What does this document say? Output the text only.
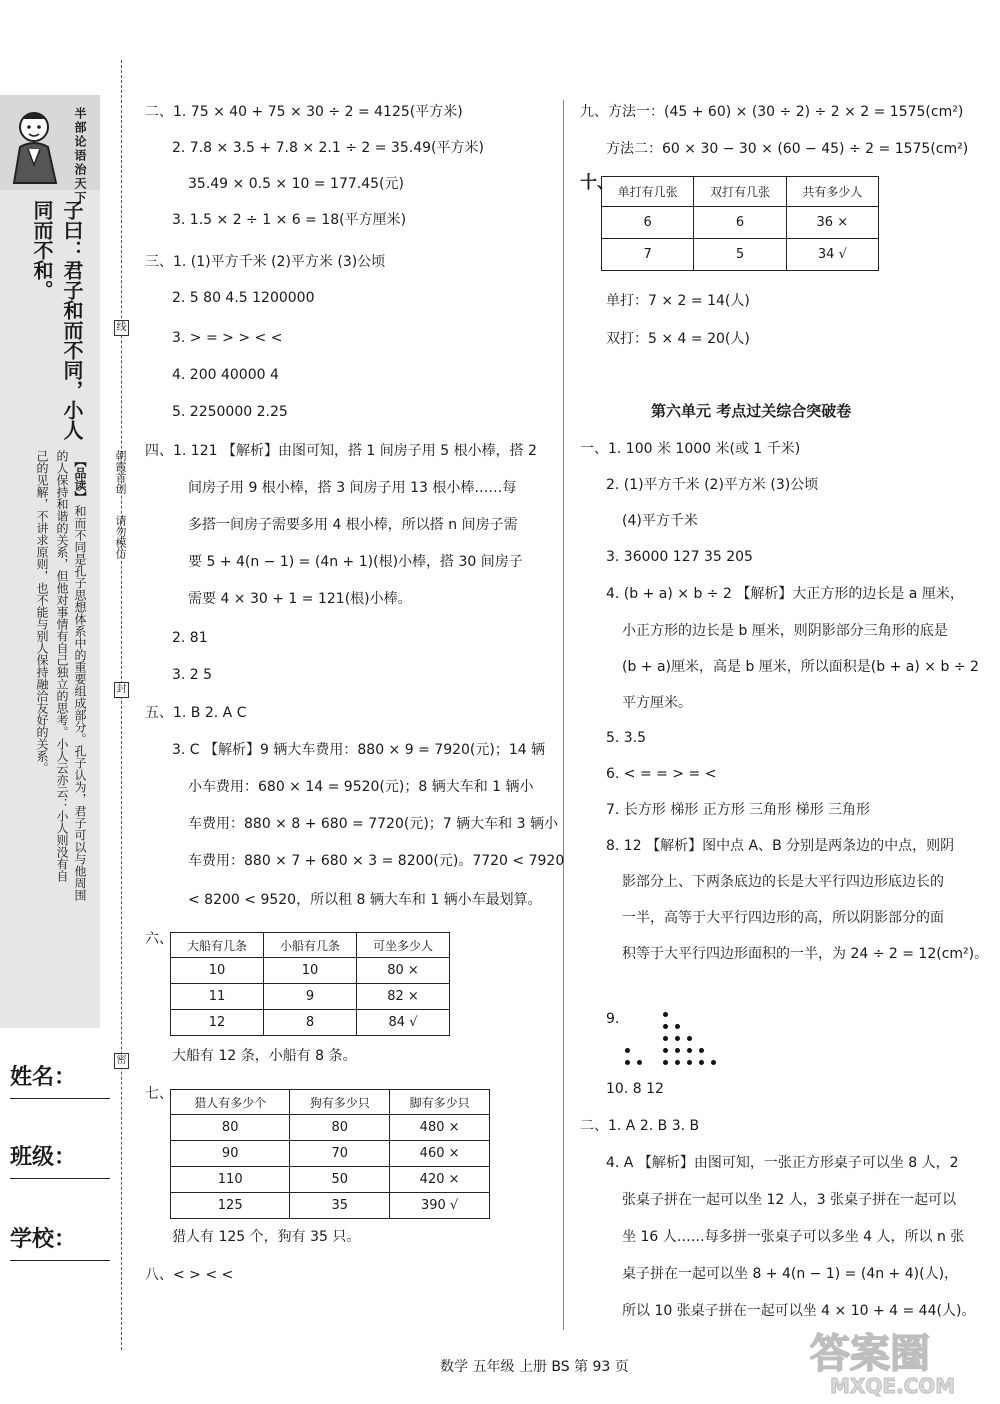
半部论语治天下
子曰：君子和而不同，小人
同而不和。
【品读】
和而不同是孔子思想体系中的重要组成部分。孔子认为，君子可以与他周围
的人保持和谐的关系，但他对事情有自己独立的思考。小人云亦云：小人则没有自
己的见解，不讲求原则，也不能与别人保持融洽友好的关系。
姓名：
班级：
学校：
线
封
密
朝霞首创
请勿模仿
二、1. 75 × 40 + 75 × 30 ÷ 2 = 4125(平方米)
2. 7.8 × 3.5 + 7.8 × 2.1 ÷ 2 = 35.49(平方米)
35.49 × 0.5 × 10 = 177.45(元)
3. 1.5 × 2 ÷ 1 × 6 = 18(平方厘米)
三、1. (1)平方千米 (2)平方米 (3)公顷
2. 5 80 4.5 1200000
3. > = > > < <
4. 200 40000 4
5. 2250000 2.25
四、1. 121 【解析】由图可知，搭 1 间房子用 5 根小棒，搭 2
间房子用 9 根小棒，搭 3 间房子用 13 根小棒……每
多搭一间房子需要多用 4 根小棒，所以搭 n 间房子需
要 5 + 4(n − 1) = (4n + 1)(根)小棒，搭 30 间房子
需要 4 × 30 + 1 = 121(根)小棒。
2. 81
3. 2 5
五、1. B 2. A C
3. C 【解析】9 辆大车费用：880 × 9 = 7920(元)；14 辆
小车费用：680 × 14 = 9520(元)；8 辆大车和 1 辆小
车费用：880 × 8 + 680 = 7720(元)；7 辆大车和 3 辆小
车费用：880 × 7 + 680 × 3 = 8200(元)。7720 < 7920
< 8200 < 9520，所以租 8 辆大车和 1 辆小车最划算。
六、 大船有几条	小船有几条	可坐多少人
10	10	80 ×
11	9	82 ×
12	8	84 √
大船有 12 条，小船有 8 条。
七、
猎人有多少个	狗有多少只	脚有多少只
80	80	480 ×
90	70	460 ×
110	50	420 ×
125	35	390 √
猎人有 125 个，狗有 35 只。
八、< > < <
九、方法一：(45 + 60) × (30 ÷ 2) ÷ 2 × 2 = 1575(cm²)
方法二：60 × 30 − 30 × (60 − 45) ÷ 2 = 1575(cm²)
十、 单打有几张	双打有几张	共有多少人
6	6	36 ×
7	5	34 √
单打：7 × 2 = 14(人)
双打：5 × 4 = 20(人)
第六单元 考点过关综合突破卷
一、1. 100 米 1000 米(或 1 千米)
2. (1)平方千米 (2)平方米 (3)公顷
(4)平方千米
3. 36000 127 35 205
4. (b + a) × b ÷ 2 【解析】大正方形的边长是 a 厘米，
小正方形的边长是 b 厘米，则阴影部分三角形的底是
(b + a)厘米，高是 b 厘米，所以面积是(b + a) × b ÷ 2
平方厘米。
5. 3.5
6. < = = > = <
7. 长方形 梯形 正方形 三角形 梯形 三角形
8. 12 【解析】图中点 A、B 分别是两条边的中点，则阴
影部分上、下两条底边的长是大平行四边形底边长的
一半，高等于大平行四边形的高，所以阴影部分的面
积等于大平行四边形面积的一半，为 24 ÷ 2 = 12(cm²)。
9.
10. 8 12
二、1. A 2. B 3. B
4. A 【解析】由图可知，一张正方形桌子可以坐 8 人，2
张桌子拼在一起可以坐 12 人，3 张桌子拼在一起可以
坐 16 人……每多拼一张桌子可以多坐 4 人，所以 n 张
桌子拼在一起可以坐 8 + 4(n − 1) = (4n + 4)(人)，
所以 10 张桌子拼在一起可以坐 4 × 10 + 4 = 44(人)。
数学 五年级 上册 BS 第 93 页	答案圈
MXQE.COM
